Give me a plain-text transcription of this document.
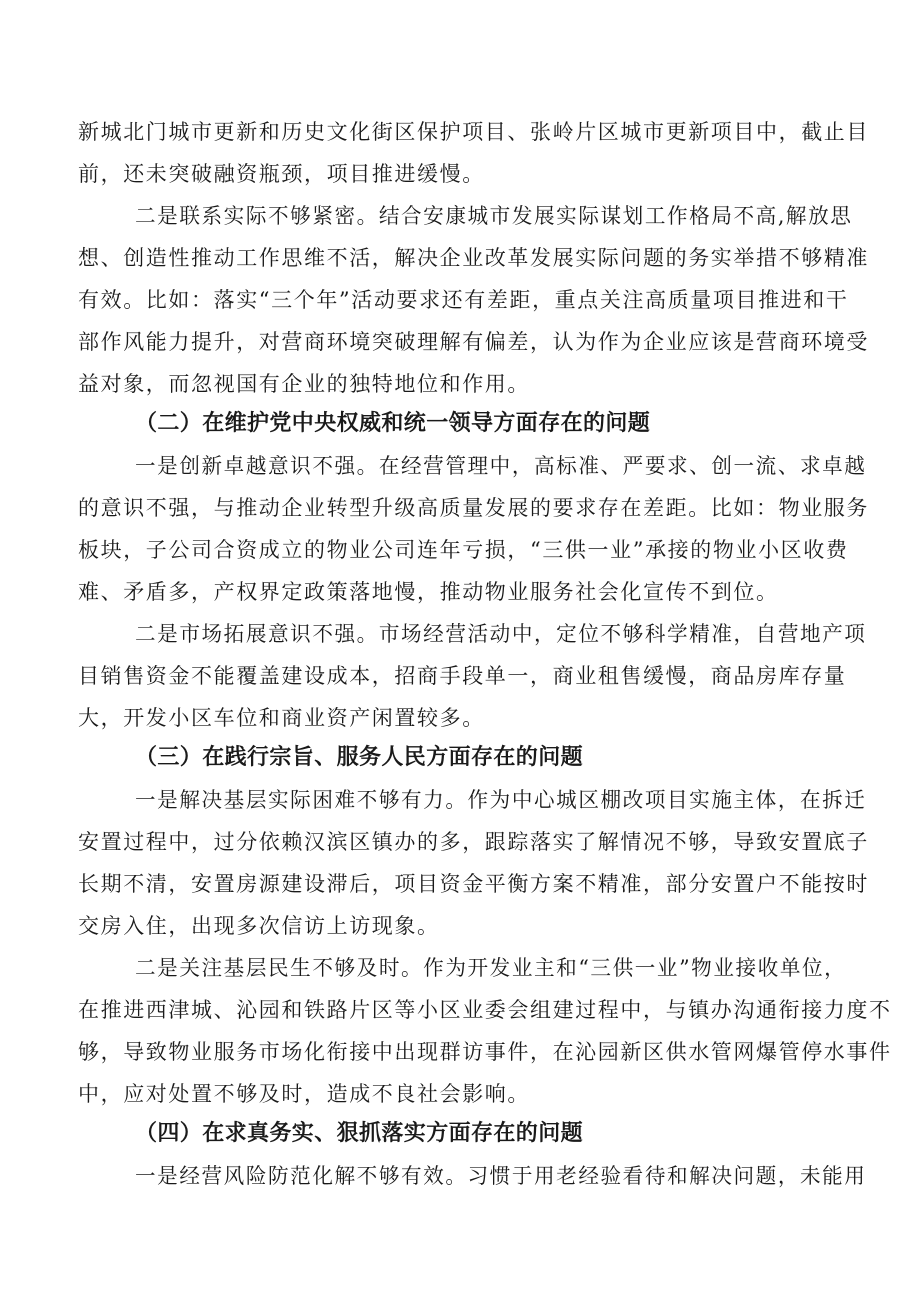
新城北门城市更新和历史文化街区保护项目、张岭片区城市更新项目中，截止目
前，还未突破融资瓶颈，项目推进缓慢。
二是联系实际不够紧密。结合安康城市发展实际谋划工作格局不高,解放思
想、创造性推动工作思维不活，解决企业改革发展实际问题的务实举措不够精准
有效。比如：落实“三个年”活动要求还有差距，重点关注高质量项目推进和干
部作风能力提升，对营商环境突破理解有偏差，认为作为企业应该是营商环境受
益对象，而忽视国有企业的独特地位和作用。
（二）在维护党中央权威和统一领导方面存在的问题
一是创新卓越意识不强。在经营管理中，高标准、严要求、创一流、求卓越
的意识不强，与推动企业转型升级高质量发展的要求存在差距。比如：物业服务
板块，子公司合资成立的物业公司连年亏损，“三供一业”承接的物业小区收费
难、矛盾多，产权界定政策落地慢，推动物业服务社会化宣传不到位。
二是市场拓展意识不强。市场经营活动中，定位不够科学精准，自营地产项
目销售资金不能覆盖建设成本，招商手段单一，商业租售缓慢，商品房库存量
大，开发小区车位和商业资产闲置较多。
（三）在践行宗旨、服务人民方面存在的问题
一是解决基层实际困难不够有力。作为中心城区棚改项目实施主体，在拆迁
安置过程中，过分依赖汉滨区镇办的多，跟踪落实了解情况不够，导致安置底子
长期不清，安置房源建设滞后，项目资金平衡方案不精准，部分安置户不能按时
交房入住，出现多次信访上访现象。
二是关注基层民生不够及时。作为开发业主和“三供一业”物业接收单位，
在推进西津城、沁园和铁路片区等小区业委会组建过程中，与镇办沟通衔接力度不
够，导致物业服务市场化衔接中出现群访事件，在沁园新区供水管网爆管停水事件
中，应对处置不够及时，造成不良社会影响。
（四）在求真务实、狠抓落实方面存在的问题
一是经营风险防范化解不够有效。习惯于用老经验看待和解决问题，未能用
